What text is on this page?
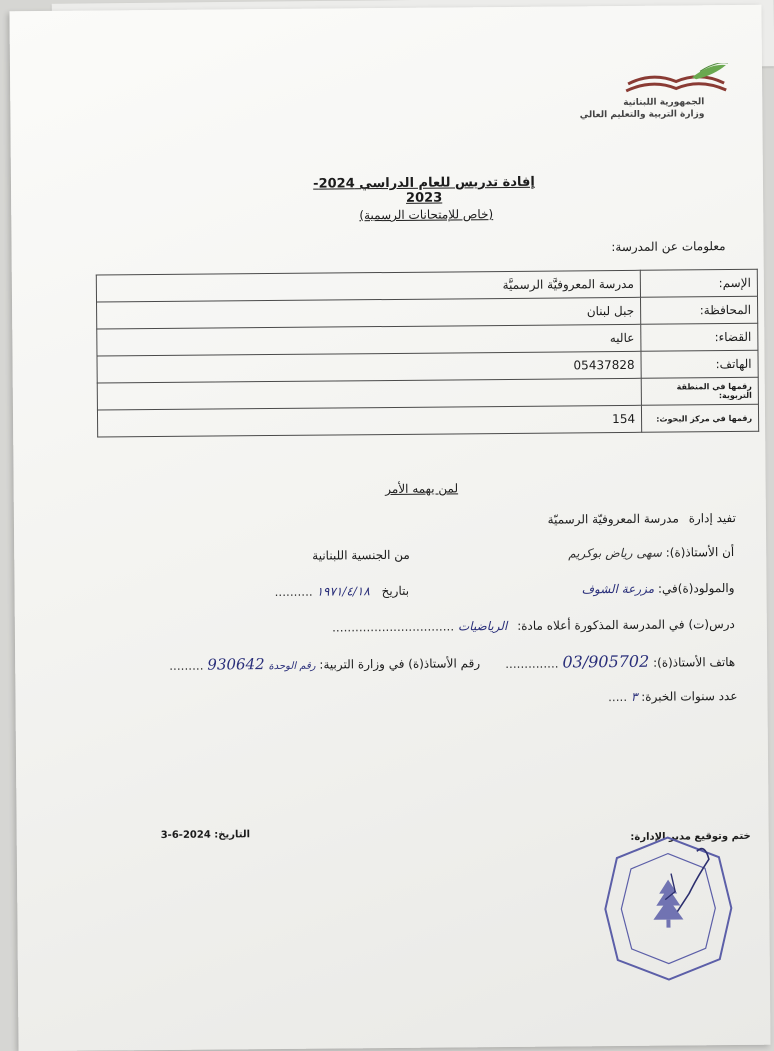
الجمهورية اللبنانية
وزارة التربية والتعليم العالي
إفادة تدريس للعام الدراسي 2024-2023
(خاص للإمتحانات الرسمية)
معلومات عن المدرسة:
الإسم:	مدرسة المعروفيَّة الرسميَّة
المحافظة:	جبل لبنان
القضاء:	عاليه
الهاتف:	05437828
رقمها في المنطقة التربوية:	
رقمها في مركز البحوث:	154
لمن يهمه الأمر
تفيد إدارة مدرسة المعروفيّة الرسميّة
أن الأستاذ(ة): سهى رياض بوكريم
من الجنسية اللبنانية
والمولود(ة)في: مزرعة الشوف
بتاريخ ١٩٧١/٤/١٨ ..........
درس(ت) في المدرسة المذكورة أعلاه مادة: الرياضيات ................................
هاتف الأستاذ(ة): 03/905702 ..............
رقم الأستاذ(ة) في وزارة التربية: رقم الوحدة 930642 .........
عدد سنوات الخبرة: ٣ .....
ختم وتوقيع مدير الإدارة:
التاريخ: 2024-6-3
